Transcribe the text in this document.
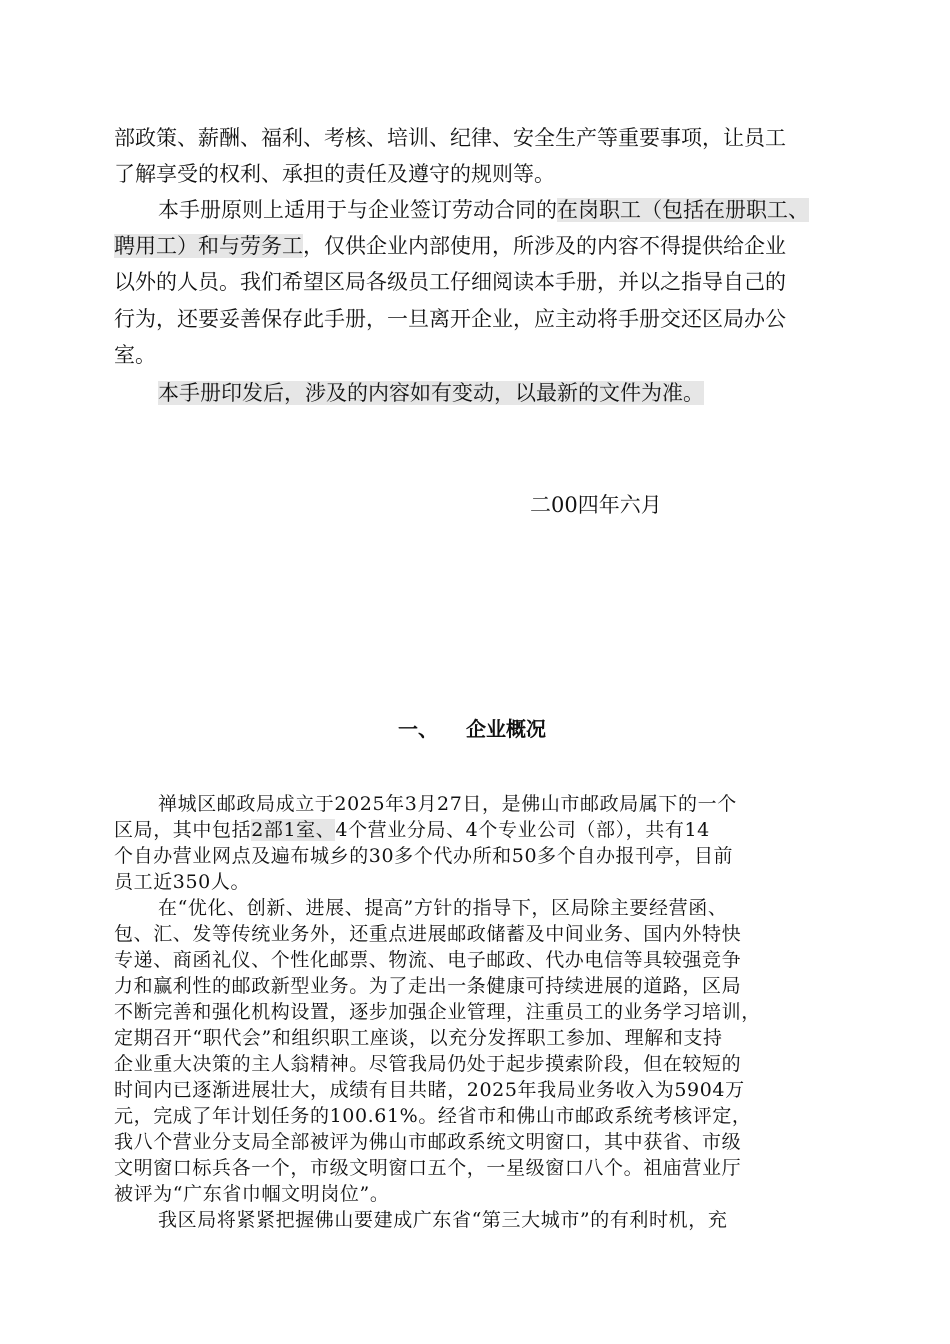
部政策、薪酬、福利、考核、培训、纪律、安全生产等重要事项，让员工
了解享受的权利、承担的责任及遵守的规则等。
本手册原则上适用于与企业签订劳动合同的在岗职工（包括在册职工、
聘用工）和与劳务工，仅供企业内部使用，所涉及的内容不得提供给企业
以外的人员。我们希望区局各级员工仔细阅读本手册，并以之指导自己的
行为，还要妥善保存此手册，一旦离开企业，应主动将手册交还区局办公
室。
本手册印发后，涉及的内容如有变动，以最新的文件为准。
二00四年六月
一、 企业概况
禅城区邮政局成立于2025年3月27日，是佛山市邮政局属下的一个
区局，其中包括2部1室、4个营业分局、4个专业公司（部），共有14
个自办营业网点及遍布城乡的30多个代办所和50多个自办报刊亭，目前
员工近350人。
在“优化、创新、进展、提高”方针的指导下，区局除主要经营函、
包、汇、发等传统业务外，还重点进展邮政储蓄及中间业务、国内外特快
专递、商函礼仪、个性化邮票、物流、电子邮政、代办电信等具较强竞争
力和赢利性的邮政新型业务。为了走出一条健康可持续进展的道路，区局
不断完善和强化机构设置，逐步加强企业管理，注重员工的业务学习培训，
定期召开“职代会”和组织职工座谈，以充分发挥职工参加、理解和支持
企业重大决策的主人翁精神。尽管我局仍处于起步摸索阶段，但在较短的
时间内已逐渐进展壮大，成绩有目共睹，2025年我局业务收入为5904万
元，完成了年计划任务的100.61%。经省市和佛山市邮政系统考核评定，
我八个营业分支局全部被评为佛山市邮政系统文明窗口，其中获省、市级
文明窗口标兵各一个，市级文明窗口五个，一星级窗口八个。祖庙营业厅
被评为“广东省巾帼文明岗位”。
我区局将紧紧把握佛山要建成广东省“第三大城市”的有利时机，充
